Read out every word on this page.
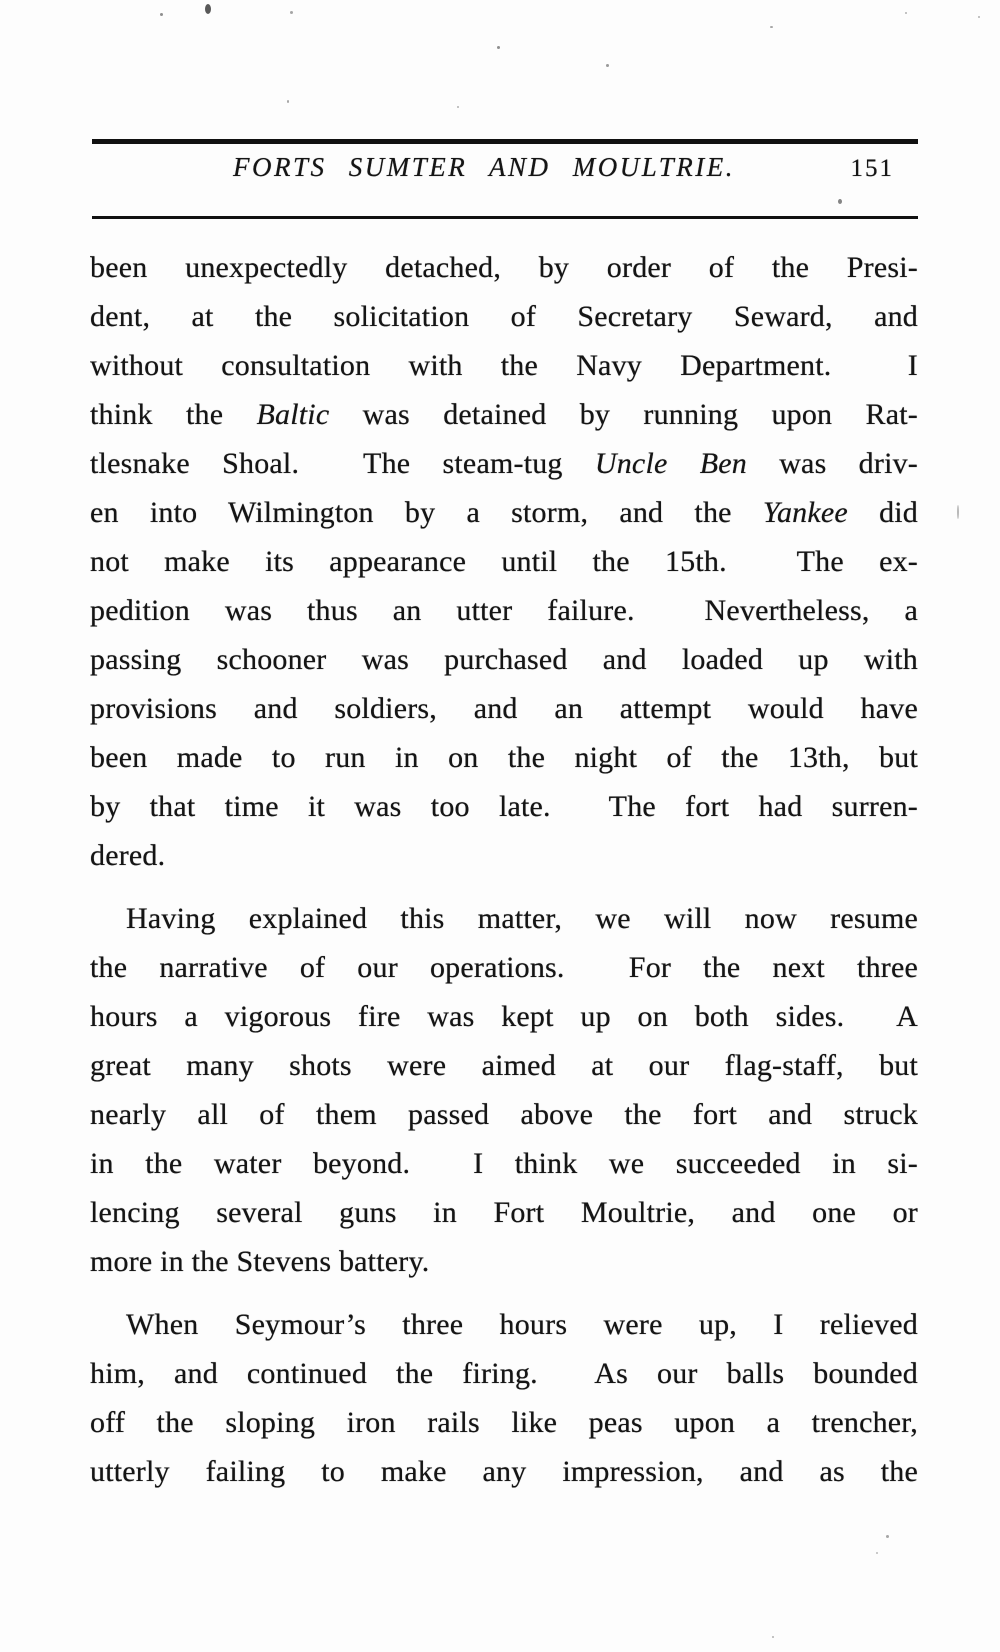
FORTS SUMTER AND MOULTRIE.	151
been unexpectedly detached, by order of the Presi-
dent, at the solicitation of Secretary Seward, and
without consultation with the Navy Department.  I
think the Baltic was detained by running upon Rat-
tlesnake Shoal.  The steam-tug Uncle Ben was driv-
en into Wilmington by a storm, and the Yankee did
not make its appearance until the 15th.  The ex-
pedition was thus an utter failure.  Nevertheless, a
passing schooner was purchased and loaded up with
provisions and soldiers, and an attempt would have
been made to run in on the night of the 13th, but
by that time it was too late.  The fort had surren-
dered.
Having explained this matter, we will now resume
the narrative of our operations.  For the next three
hours a vigorous fire was kept up on both sides.  A
great many shots were aimed at our flag-staff, but
nearly all of them passed above the fort and struck
in the water beyond.  I think we succeeded in si-
lencing several guns in Fort Moultrie, and one or
more in the Stevens battery.
When Seymour’s three hours were up, I relieved
him, and continued the firing.  As our balls bounded
off the sloping iron rails like peas upon a trencher,
utterly failing to make any impression, and as the
